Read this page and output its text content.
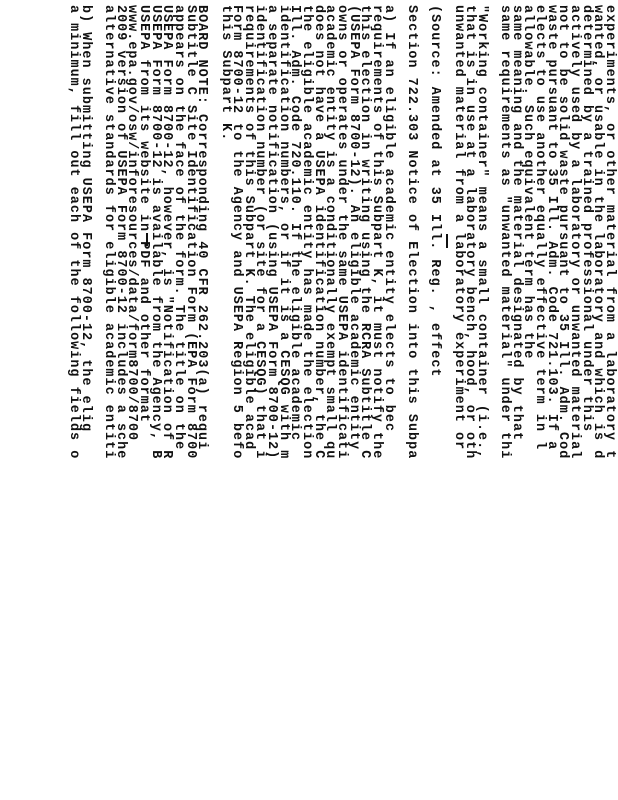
experiments, or other material from a laboratory t
wanted, or usable in the laboratory and which is d
determined by a trained professional under this
actively used by a laboratory or unwanted material
not to be solid waste pursuant to 35 Ill. Adm. Cod
waste pursuant to 35 Ill. Adm. Code 721.103. If a
elects to use another equally effective term in l
allowable. Such equivalent term has the
same meaning and the material designated by that
same requirements as "unwanted material" under thi
"Working container" means a small container (i.e.,
that is in use at a laboratory bench, hood, or oth
unwanted material from a laboratory experiment or
(Source: Amended at 35 Ill. Reg. , effect
Section 722.303 Notice of Election into this Subpa
a) If an eligible academic entity elects to bec
requirements of this Subpart K, it must notify the
this election in writing using the RCRA Subtitle C
(USEPA Form 8700-12). An eligible academic entity
owns or operates under the same USEPA identificati
academic entity is a conditionally exempt small qu
does not have a USEPA identification number, the C
the eligible academic entity has made the election
Ill. Adm. Code 720.110. If the eligible academic
identification numbers, or if it is a CESQG with m
a separate notification (using USEPA Form 8700-12)
identification number (or site for a CESQG) that i
requirements of this Subpart K. The eligible acad
Form 8700-12 to the Agency and USEPA Region 5 befo
this Subpart K.
BOARD NOTE: Corresponding 40 CFR 262.203(a) requi
Subtitle C Site Identification Form (EPA Form 8700
appears on the face of the form. The title on the
USEPA Form 8700-12, however, is "Notification of R
USEPA Form 8700-12 is available from the Agency, B
USEPA from its website in PDF and other format
www.epa.gov/osw/inforesources/data/form8700/8700
2009 version of USEPA Form 8700-12 includes a sche
alternative standards for eligible academic entiti
b) When submitting USEPA Form 8700-12, the elig
a minimum, fill out each of the following fields o
